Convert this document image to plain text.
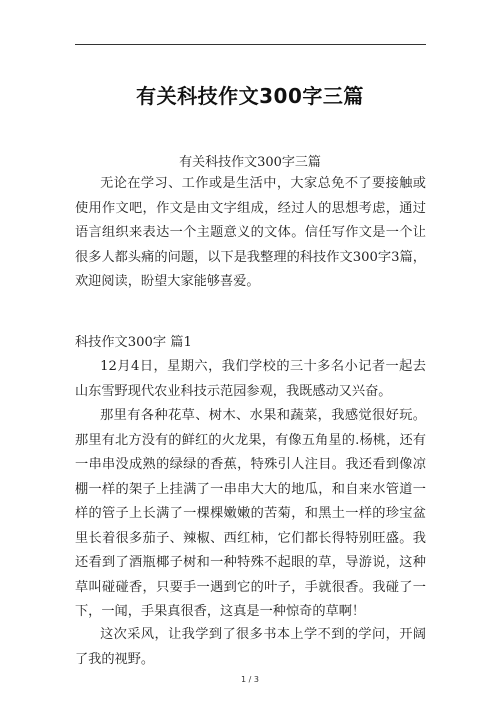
有关科技作文300字三篇
有关科技作文300字三篇
无论在学习、工作或是生活中，大家总免不了要接触或使用作文吧，作文是由文字组成，经过人的思想考虑，通过语言组织来表达一个主题意义的文体。信任写作文是一个让很多人都头痛的问题，以下是我整理的科技作文300字3篇，欢迎阅读，盼望大家能够喜爱。
科技作文300字 篇1
12月4日，星期六，我们学校的三十多名小记者一起去山东雪野现代农业科技示范园参观，我既感动又兴奋。
那里有各种花草、树木、水果和蔬菜，我感觉很好玩。那里有北方没有的鲜红的火龙果，有像五角星的.杨桃，还有一串串没成熟的绿绿的香蕉，特殊引人注目。我还看到像凉棚一样的架子上挂满了一串串大大的地瓜，和自来水管道一样的管子上长满了一棵棵嫩嫩的苦菊，和黑土一样的珍宝盆里长着很多茄子、辣椒、西红柿，它们都长得特别旺盛。我还看到了酒瓶椰子树和一种特殊不起眼的草，导游说，这种草叫碰碰香，只要手一遇到它的叶子，手就很香。我碰了一下，一闻，手果真很香，这真是一种惊奇的草啊！
这次采风，让我学到了很多书本上学不到的学问，开阔了我的视野。
1 / 3
